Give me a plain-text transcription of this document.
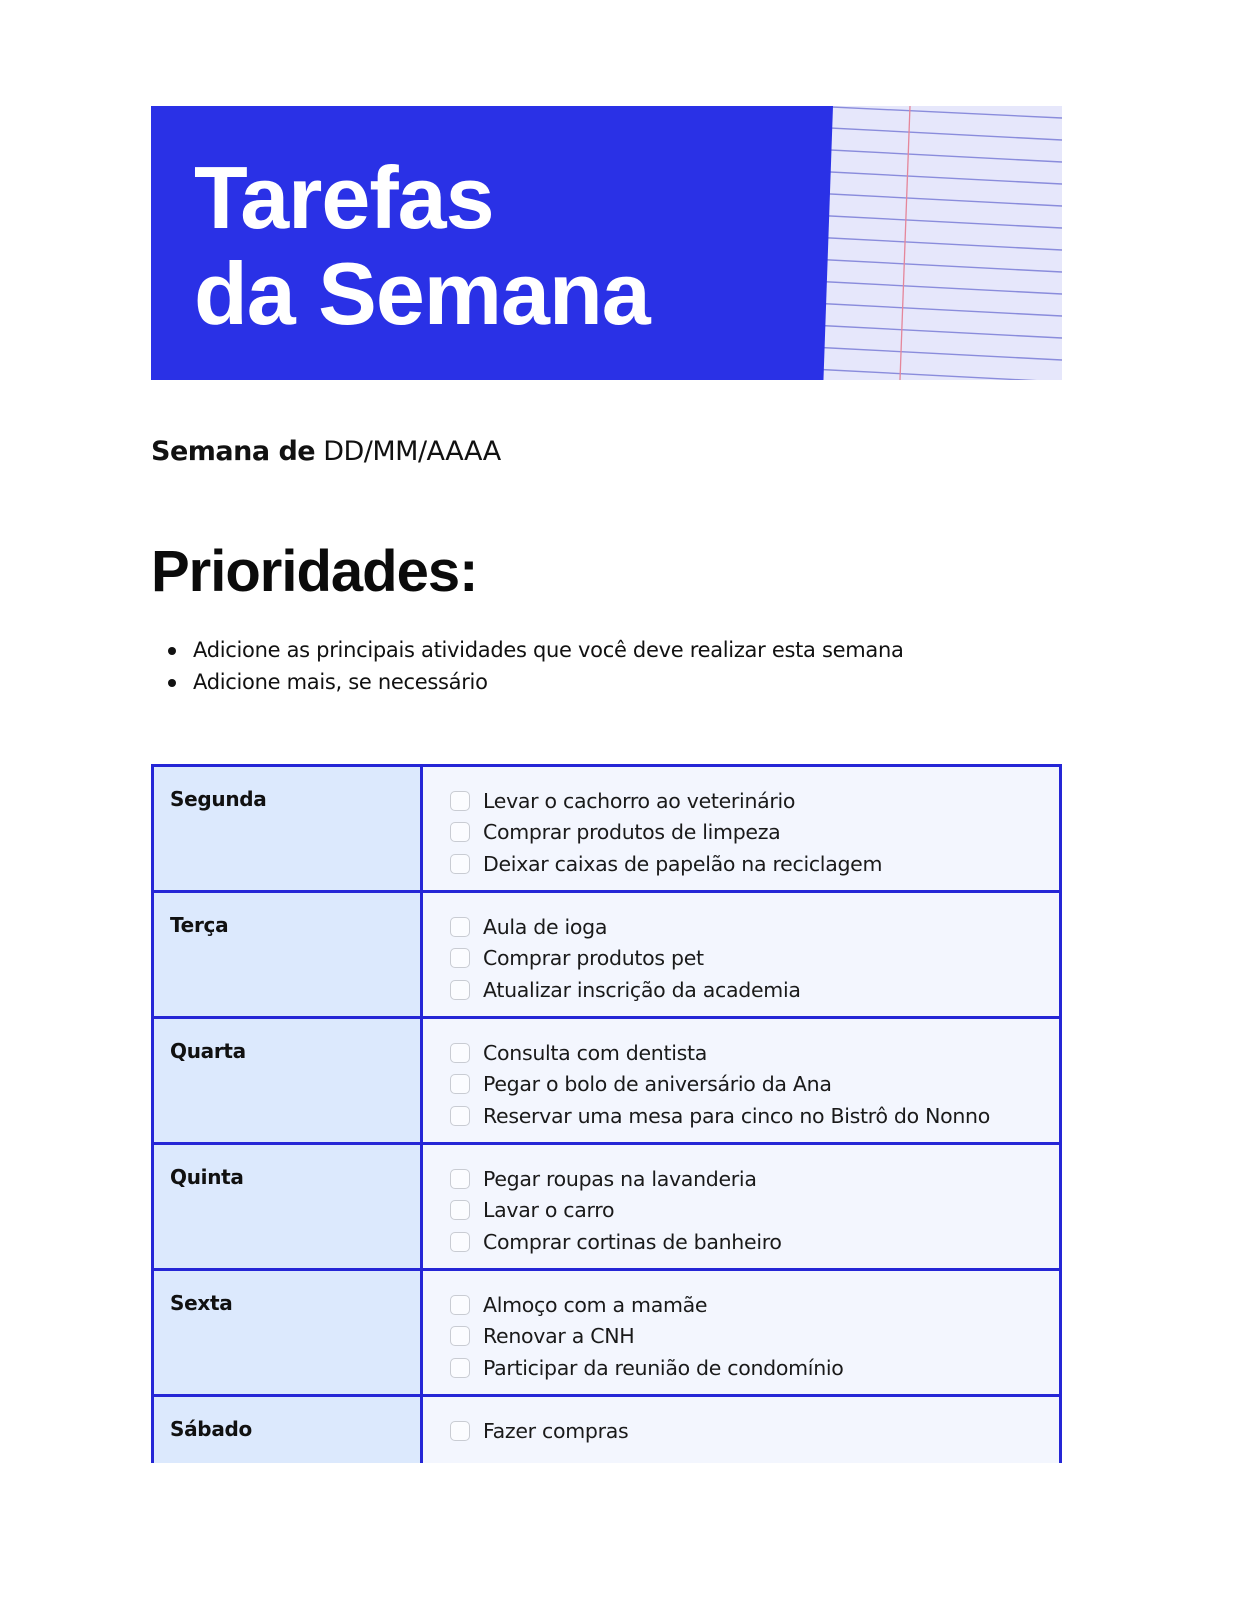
Tarefas
da Semana
Semana de DD/MM/AAAA
Prioridades:
Adicione as principais atividades que você deve realizar esta semana
Adicione mais, se necessário
Segunda	Levar o cachorro ao veterinário
Comprar produtos de limpeza
Deixar caixas de papelão na reciclagem

Terça	Aula de ioga
Comprar produtos pet
Atualizar inscrição da academia

Quarta	Consulta com dentista
Pegar o bolo de aniversário da Ana
Reservar uma mesa para cinco no Bistrô do Nonno

Quinta	Pegar roupas na lavanderia
Lavar o carro
Comprar cortinas de banheiro

Sexta	Almoço com a mamãe
Renovar a CNH
Participar da reunião de condomínio

Sábado	Fazer compras
